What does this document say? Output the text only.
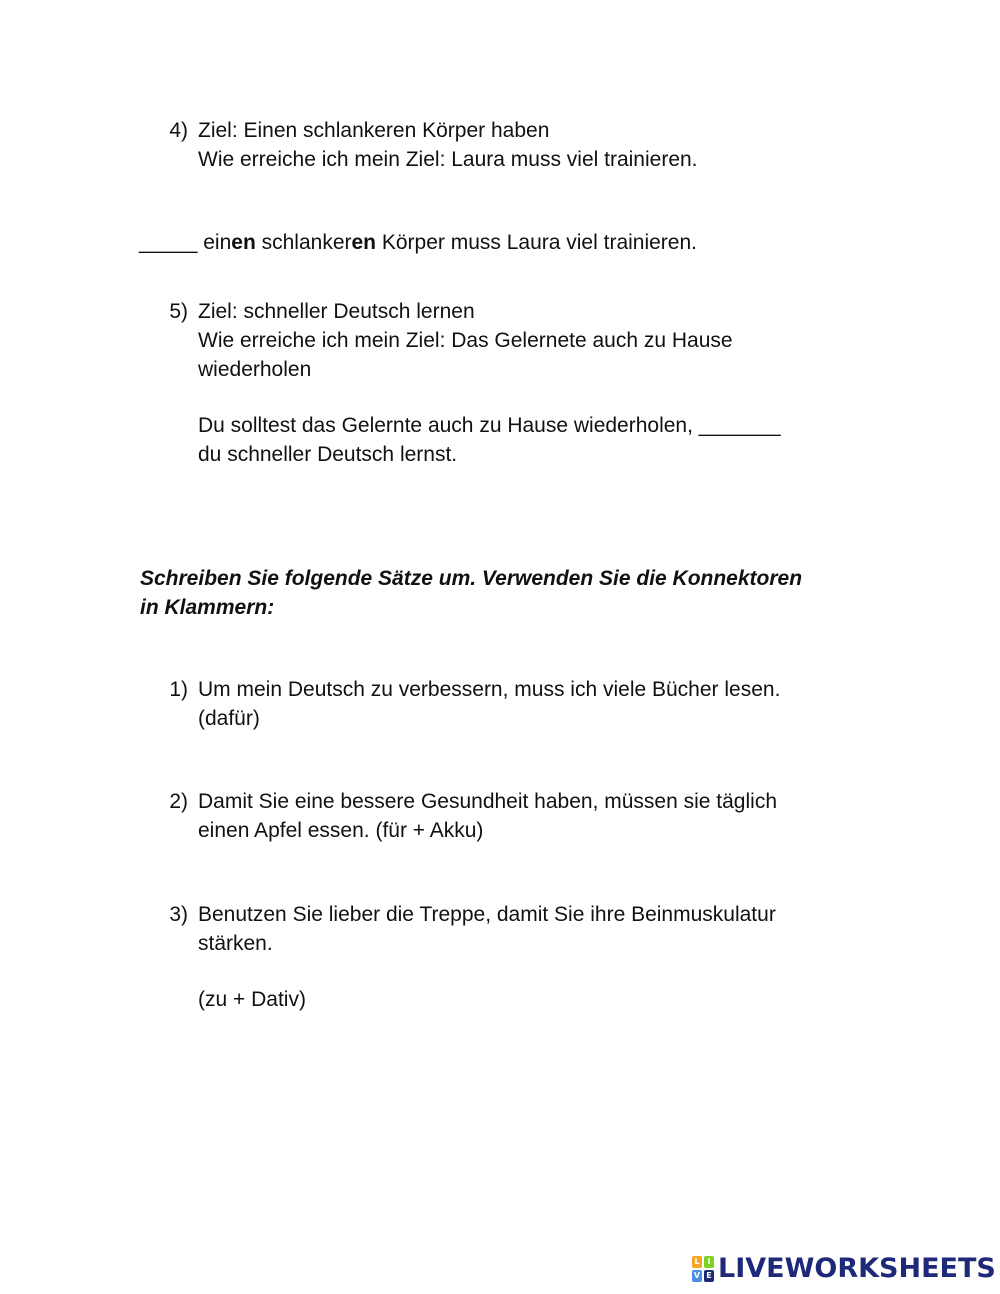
4) Ziel: Einen schlankeren Körper haben
Wie erreiche ich mein Ziel: Laura muss viel trainieren.
_____ einen schlankeren Körper muss Laura viel trainieren.
5) Ziel: schneller Deutsch lernen
Wie erreiche ich mein Ziel: Das Gelernete auch zu Hause
wiederholen
Du solltest das Gelernte auch zu Hause wiederholen, _______
du schneller Deutsch lernst.
Schreiben Sie folgende Sätze um. Verwenden Sie die Konnektoren
in Klammern:
1) Um mein Deutsch zu verbessern, muss ich viele Bücher lesen.
(dafür)
2) Damit Sie eine bessere Gesundheit haben, müssen sie täglich
einen Apfel essen. (für + Akku)
3) Benutzen Sie lieber die Treppe, damit Sie ihre Beinmuskulatur
stärken.
(zu + Dativ)
L I
V E LIVEWORKSHEETS
